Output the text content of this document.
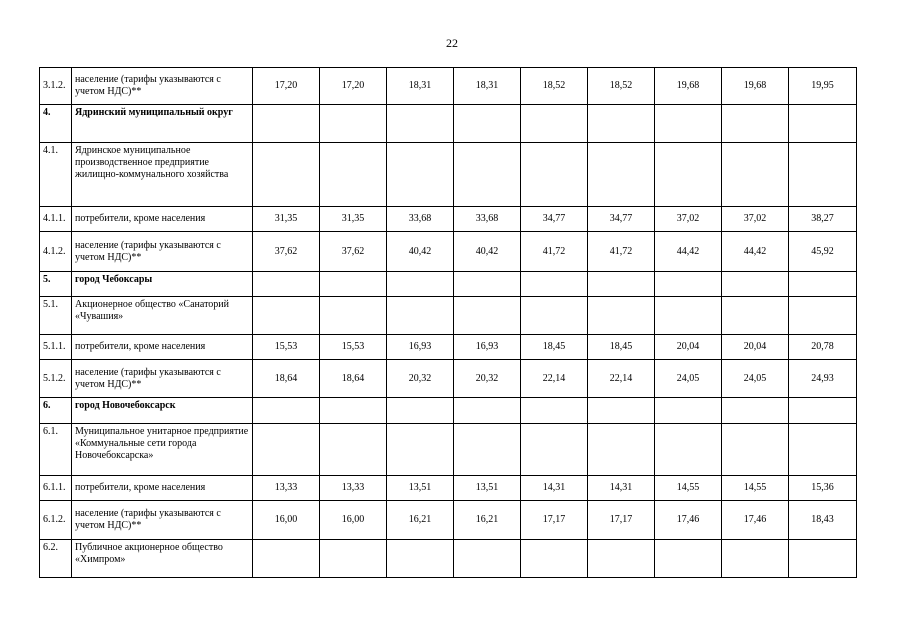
22
3.1.2.	население (тарифы указываются с учетом НДС)**	17,20	17,20	18,31	18,31	18,52	18,52	19,68	19,68	19,95
4.	Ядринский муниципальный округ									
4.1.	Ядринское муниципальное производственное предприятие жилищно-коммунального хозяйства									
4.1.1.	потребители, кроме населения	31,35	31,35	33,68	33,68	34,77	34,77	37,02	37,02	38,27
4.1.2.	население (тарифы указываются с учетом НДС)**	37,62	37,62	40,42	40,42	41,72	41,72	44,42	44,42	45,92
5.	город Чебоксары									
5.1.	Акционерное общество «Санаторий «Чувашия»									
5.1.1.	потребители, кроме населения	15,53	15,53	16,93	16,93	18,45	18,45	20,04	20,04	20,78
5.1.2.	население (тарифы указываются с учетом НДС)**	18,64	18,64	20,32	20,32	22,14	22,14	24,05	24,05	24,93
6.	город Новочебоксарск									
6.1.	Муниципальное унитарное предприятие «Коммунальные сети города Новочебоксарска»									
6.1.1.	потребители, кроме населения	13,33	13,33	13,51	13,51	14,31	14,31	14,55	14,55	15,36
6.1.2.	население (тарифы указываются с учетом НДС)**	16,00	16,00	16,21	16,21	17,17	17,17	17,46	17,46	18,43
6.2.	Публичное акционерное общество «Химпром»									
